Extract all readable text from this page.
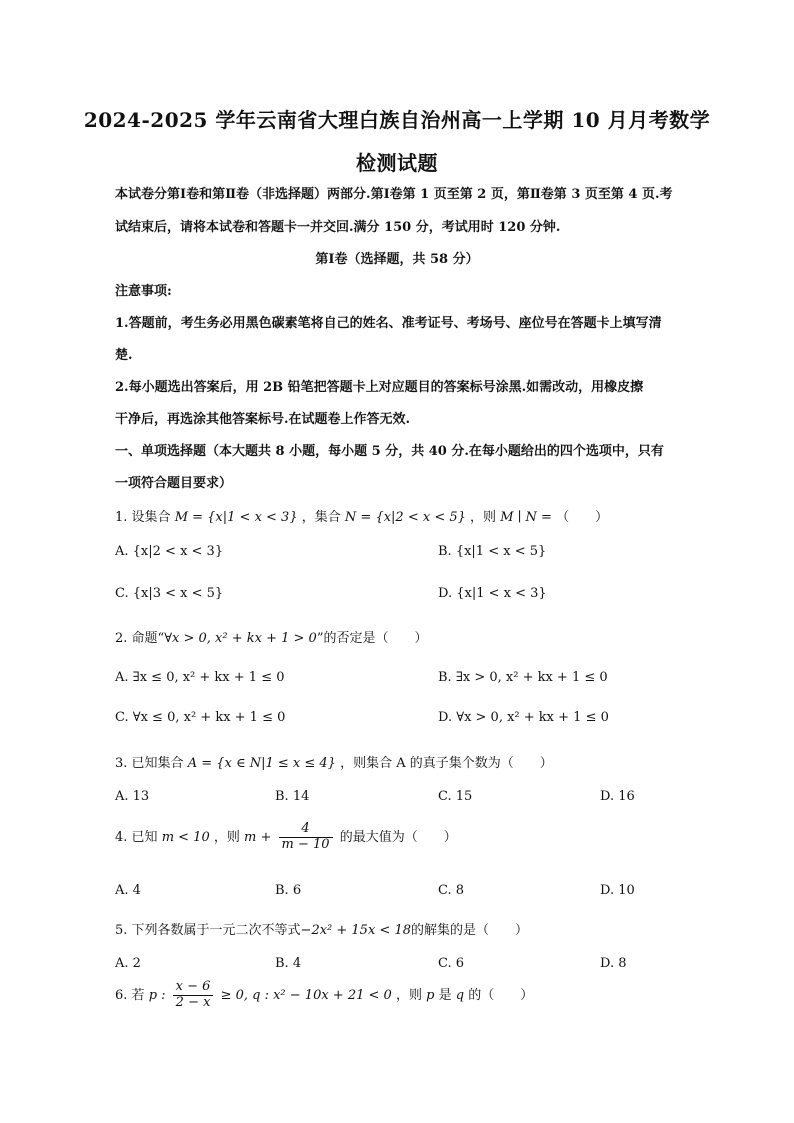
2024-2025 学年云南省大理白族自治州高一上学期 10 月月考数学
检测试题
本试卷分第Ⅰ卷和第Ⅱ卷（非选择题）两部分.第Ⅰ卷第 1 页至第 2 页，第Ⅱ卷第 3 页至第 4 页.考
试结束后，请将本试卷和答题卡一并交回.满分 150 分，考试用时 120 分钟.
第Ⅰ卷（选择题，共 58 分）
注意事项:
1.答题前，考生务必用黑色碳素笔将自己的姓名、准考证号、考场号、座位号在答题卡上填写清
楚.
2.每小题选出答案后，用 2B 铅笔把答题卡上对应题目的答案标号涂黑.如需改动，用橡皮擦
干净后，再选涂其他答案标号.在试题卷上作答无效.
一、单项选择题（本大题共 8 小题，每小题 5 分，共 40 分.在每小题给出的四个选项中，只有
一项符合题目要求）
1. 设集合 M = {x|1 < x < 3} ，集合 N = {x|2 < x < 5} ，则 M ∣ N = （　　）
A. {x|2 < x < 3}	B. {x|1 < x < 5}
C. {x|3 < x < 5}	D. {x|1 < x < 3}
2. 命题“∀x > 0, x² + kx + 1 > 0”的否定是（　　）
A. ∃x ≤ 0, x² + kx + 1 ≤ 0	B. ∃x > 0, x² + kx + 1 ≤ 0
C. ∀x ≤ 0, x² + kx + 1 ≤ 0	D. ∀x > 0, x² + kx + 1 ≤ 0
3. 已知集合 A = {x ∈ N|1 ≤ x ≤ 4} ，则集合 A 的真子集个数为（　　）
A. 13	B. 14	C. 15	D. 16
4. 已知 m < 10 ，则 $m + \frac{4}{m - 10}$ 的最大值为（　　）
A. 4	B. 6	C. 8	D. 10
5. 下列各数属于一元二次不等式−2x² + 15x < 18的解集的是（　　）
A. 2	B. 4	C. 6	D. 8
6. 若 p : $\frac{x - 6}{2 - x} \ge 0$, q : x² − 10x + 21 < 0 ，则 p 是 q 的（　　）
